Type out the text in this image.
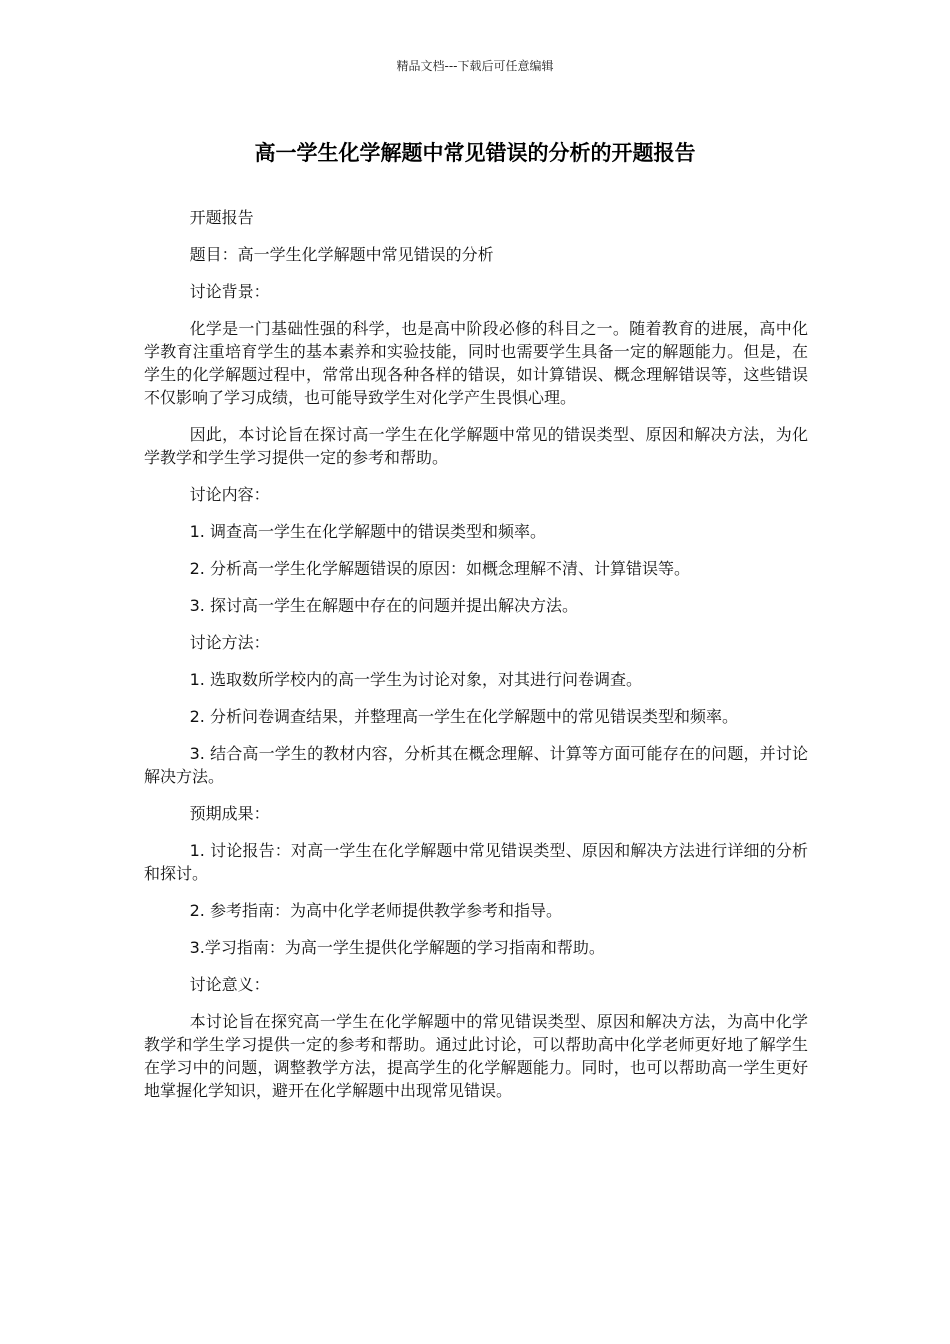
精品文档---下载后可任意编辑
高一学生化学解题中常见错误的分析的开题报告

开题报告

题目：高一学生化学解题中常见错误的分析

讨论背景：

化学是一门基础性强的科学，也是高中阶段必修的科目之一。随着教育的进展，高中化学教育注重培育学生的基本素养和实验技能，同时也需要学生具备一定的解题能力。但是，在学生的化学解题过程中，常常出现各种各样的错误，如计算错误、概念理解错误等，这些错误不仅影响了学习成绩，也可能导致学生对化学产生畏惧心理。

因此，本讨论旨在探讨高一学生在化学解题中常见的错误类型、原因和解决方法，为化学教学和学生学习提供一定的参考和帮助。

讨论内容：

1. 调查高一学生在化学解题中的错误类型和频率。

2. 分析高一学生化学解题错误的原因：如概念理解不清、计算错误等。

3. 探讨高一学生在解题中存在的问题并提出解决方法。

讨论方法：

1. 选取数所学校内的高一学生为讨论对象，对其进行问卷调查。

2. 分析问卷调查结果，并整理高一学生在化学解题中的常见错误类型和频率。

3. 结合高一学生的教材内容，分析其在概念理解、计算等方面可能存在的问题，并讨论解决方法。

预期成果：

1. 讨论报告：对高一学生在化学解题中常见错误类型、原因和解决方法进行详细的分析和探讨。

2. 参考指南：为高中化学老师提供教学参考和指导。

3.学习指南：为高一学生提供化学解题的学习指南和帮助。

讨论意义：

本讨论旨在探究高一学生在化学解题中的常见错误类型、原因和解决方法，为高中化学教学和学生学习提供一定的参考和帮助。通过此讨论，可以帮助高中化学老师更好地了解学生在学习中的问题，调整教学方法，提高学生的化学解题能力。同时，也可以帮助高一学生更好地掌握化学知识，避开在化学解题中出现常见错误。
